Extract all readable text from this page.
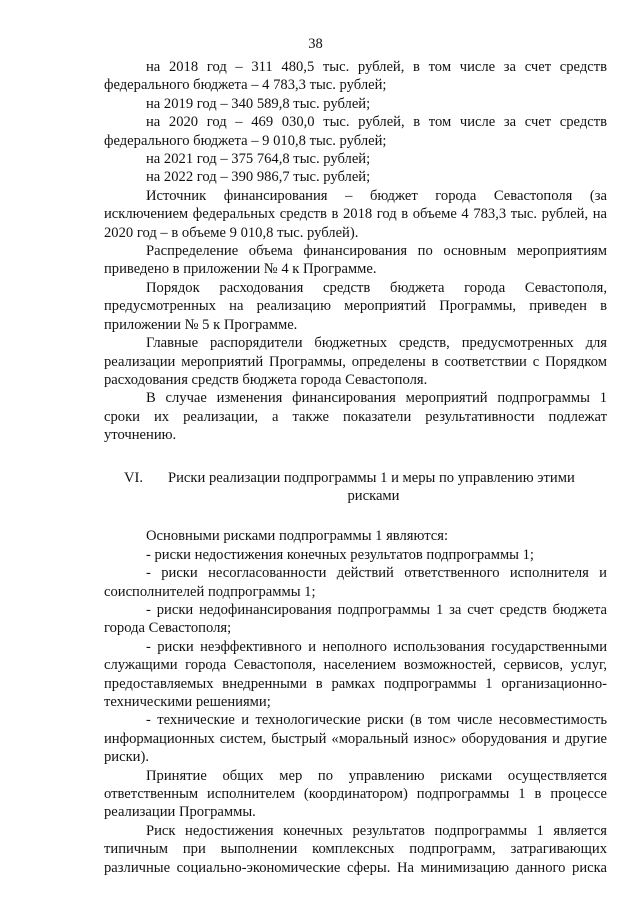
38

на 2018 год – 311 480,5 тыс. рублей, в том числе за счет средств федерального бюджета – 4 783,3 тыс. рублей;

на 2019 год – 340 589,8 тыс. рублей;

на 2020 год – 469 030,0 тыс. рублей, в том числе за счет средств федерального бюджета – 9 010,8 тыс. рублей;

на 2021 год – 375 764,8 тыс. рублей;

на 2022 год – 390 986,7 тыс. рублей;

Источник финансирования – бюджет города Севастополя (за исключением федеральных средств в 2018 год в объеме 4 783,3 тыс. рублей, на 2020 год – в объеме 9 010,8 тыс. рублей).

Распределение объема финансирования по основным мероприятиям приведено в приложении № 4 к Программе.

Порядок расходования средств бюджета города Севастополя, предусмотренных на реализацию мероприятий Программы, приведен в приложении № 5 к Программе.

Главные распорядители бюджетных средств, предусмотренных для реализации мероприятий Программы, определены в соответствии с Порядком расходования средств бюджета города Севастополя.

В случае изменения финансирования мероприятий подпрограммы 1 сроки их реализации, а также показатели результативности подлежат уточнению.

VI.	Риски реализации подпрограммы 1 и меры по управлению этими
рисками

Основными рисками подпрограммы 1 являются:

- риски недостижения конечных результатов подпрограммы 1;

- риски несогласованности действий ответственного исполнителя и соисполнителей подпрограммы 1;

- риски недофинансирования подпрограммы 1 за счет средств бюджета города Севастополя;

- риски неэффективного и неполного использования государственными служащими города Севастополя, населением возможностей, сервисов, услуг, предоставляемых внедренными в рамках подпрограммы 1 организационно-техническими решениями;

- технические и технологические риски (в том числе несовместимость информационных систем, быстрый «моральный износ» оборудования и другие риски).

Принятие общих мер по управлению рисками осуществляется ответственным исполнителем (координатором) подпрограммы 1 в процессе реализации Программы.

Риск недостижения конечных результатов подпрограммы 1 является типичным при выполнении комплексных подпрограмм, затрагивающих различные социально-экономические сферы. На минимизацию данного риска
